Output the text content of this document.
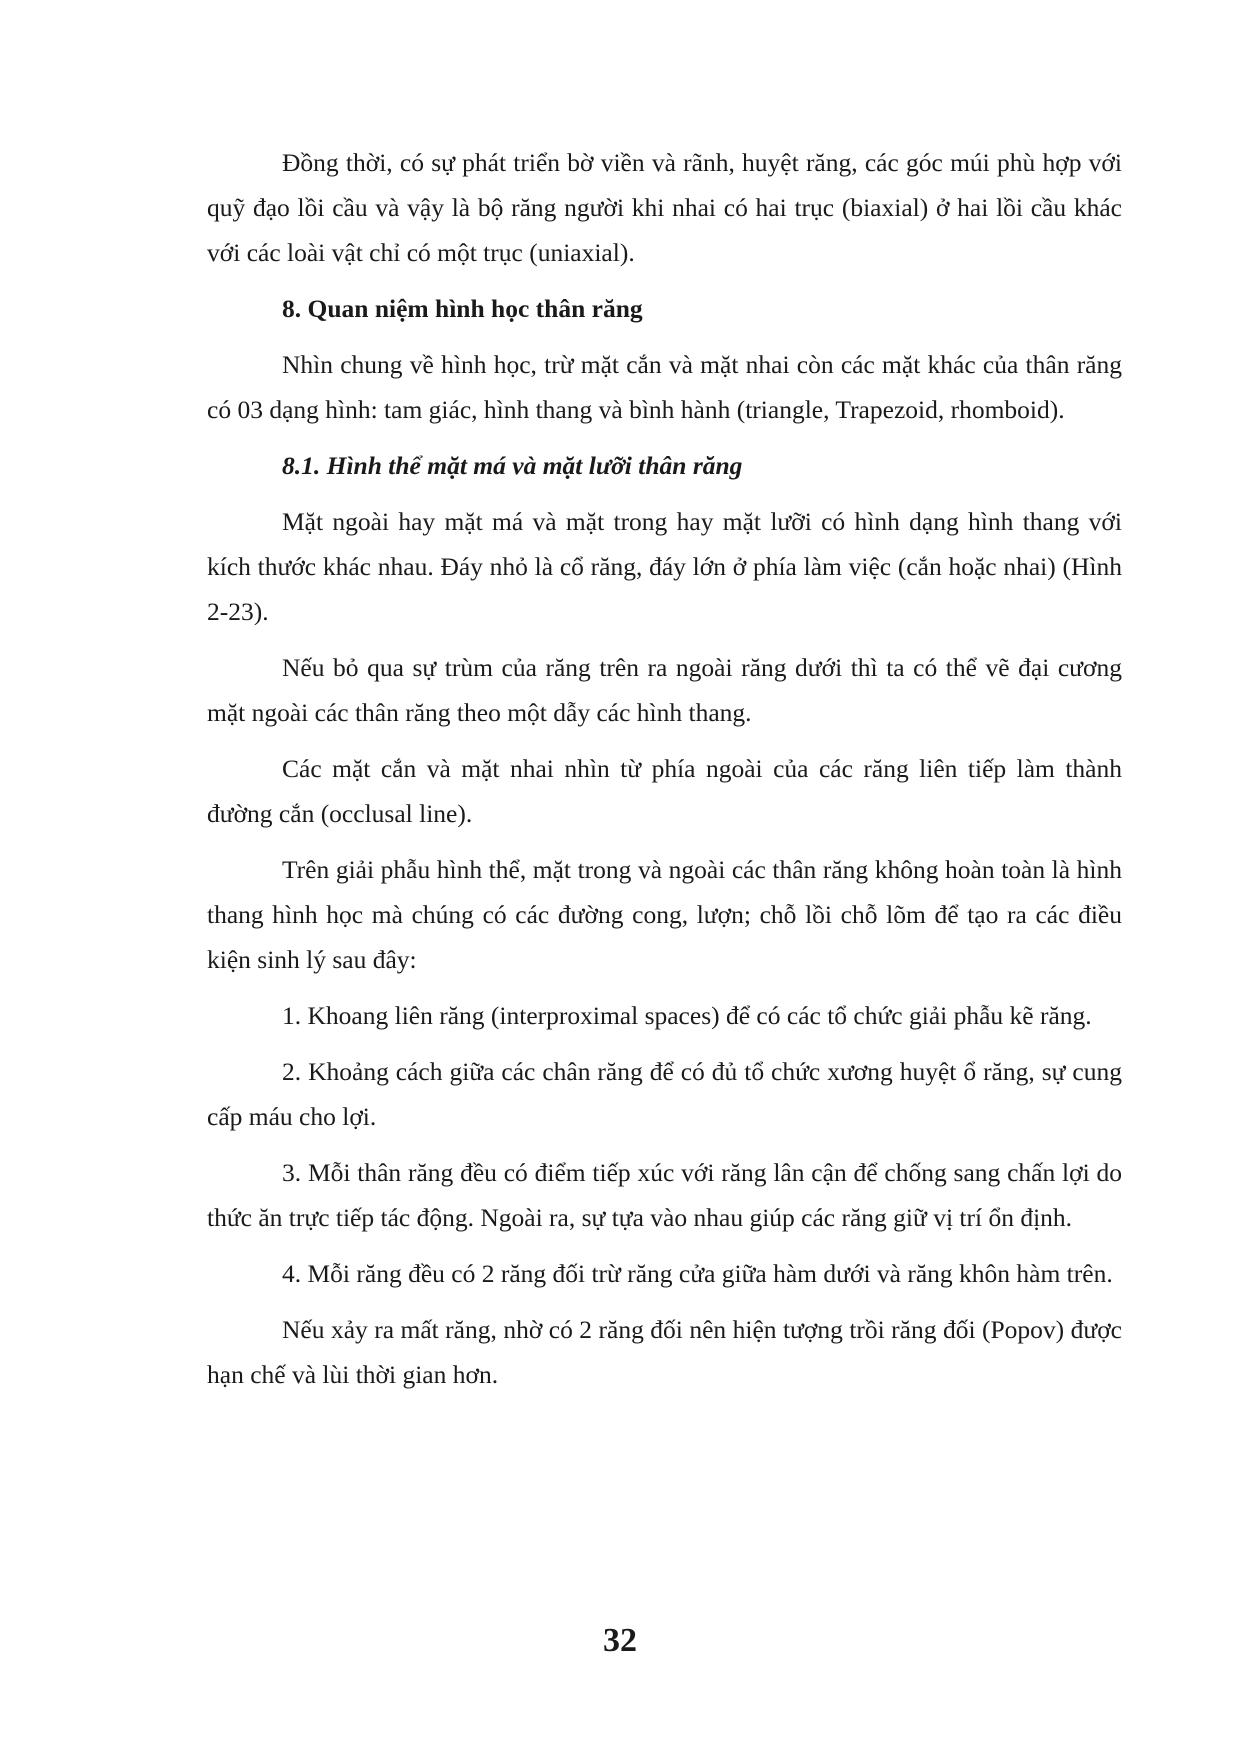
Đồng thời, có sự phát triển bờ viền và rãnh, huyệt răng, các góc múi phù hợp với quỹ đạo lồi cầu và vậy là bộ răng người khi nhai có hai trục (biaxial) ở hai lồi cầu khác với các loài vật chỉ có một trục (uniaxial).

8. Quan niệm hình học thân răng

Nhìn chung về hình học, trừ mặt cắn và mặt nhai còn các mặt khác của thân răng có 03 dạng hình: tam giác, hình thang và bình hành (triangle, Trapezoid, rhomboid).

8.1. Hình thể mặt má và mặt lưỡi thân răng

Mặt ngoài hay mặt má và mặt trong hay mặt lưỡi có hình dạng hình thang với kích thước khác nhau. Đáy nhỏ là cổ răng, đáy lớn ở phía làm việc (cắn hoặc nhai) (Hình 2-23).

Nếu bỏ qua sự trùm của răng trên ra ngoài răng dưới thì ta có thể vẽ đại cương mặt ngoài các thân răng theo một dẫy các hình thang.

Các mặt cắn và mặt nhai nhìn từ phía ngoài của các răng liên tiếp làm thành đường cắn (occlusal line).

Trên giải phẫu hình thể, mặt trong và ngoài các thân răng không hoàn toàn là hình thang hình học mà chúng có các đường cong, lượn; chỗ lồi chỗ lõm để tạo ra các điều kiện sinh lý sau đây:

1. Khoang liên răng (interproximal spaces) để có các tổ chức giải phẫu kẽ răng.

2. Khoảng cách giữa các chân răng để có đủ tổ chức xương huyệt ổ răng, sự cung cấp máu cho lợi.

3. Mỗi thân răng đều có điểm tiếp xúc với răng lân cận để chống sang chấn lợi do thức ăn trực tiếp tác động. Ngoài ra, sự tựa vào nhau giúp các răng giữ vị trí ổn định.

4. Mỗi răng đều có 2 răng đối trừ răng cửa giữa hàm dưới và răng khôn hàm trên.

Nếu xảy ra mất răng, nhờ có 2 răng đối nên hiện tượng trồi răng đối (Popov) được hạn chế và lùi thời gian hơn.

32
